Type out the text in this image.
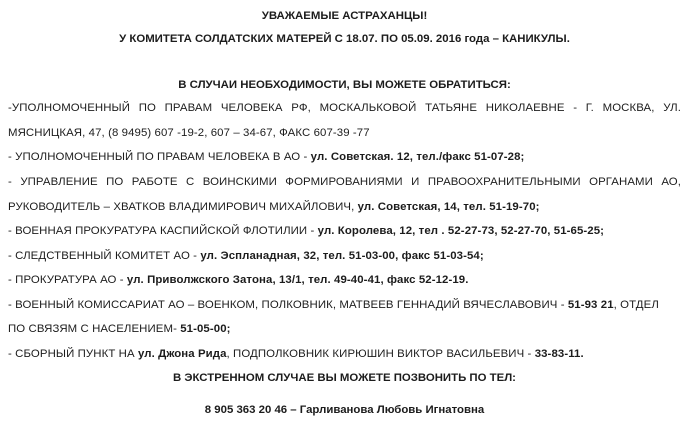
УВАЖАЕМЫЕ АСТРАХАНЦЫ!
У КОМИТЕТА СОЛДАТСКИХ МАТЕРЕЙ С 18.07. ПО 05.09. 2016 года – КАНИКУЛЫ.
В СЛУЧАИ НЕОБХОДИМОСТИ, ВЫ МОЖЕТЕ ОБРАТИТЬСЯ:
-УПОЛНОМОЧЕННЫЙ ПО ПРАВАМ ЧЕЛОВЕКА РФ, МОСКАЛЬКОВОЙ ТАТЬЯНЕ НИКОЛАЕВНЕ - Г. МОСКВА, УЛ.
МЯСНИЦКАЯ, 47, (8 9495) 607 -19-2, 607 – 34-67, ФАКС 607-39 -77
- УПОЛНОМОЧЕННЫЙ ПО ПРАВАМ ЧЕЛОВЕКА В АО - ул. Советская. 12, тел./факс 51-07-28;
- УПРАВЛЕНИЕ ПО РАБОТЕ С ВОИНСКИМИ ФОРМИРОВАНИЯМИ И ПРАВООХРАНИТЕЛЬНЫМИ ОРГАНАМИ АО,
РУКОВОДИТЕЛЬ – ХВАТКОВ ВЛАДИМИРОВИЧ МИХАЙЛОВИЧ, ул. Советская, 14, тел. 51-19-70;
- ВОЕННАЯ ПРОКУРАТУРА КАСПИЙСКОЙ ФЛОТИЛИИ - ул. Королева, 12, тел . 52-27-73, 52-27-70, 51-65-25;
- СЛЕДСТВЕННЫЙ КОМИТЕТ АО - ул. Эспланадная, 32, тел. 51-03-00, факс 51-03-54;
- ПРОКУРАТУРА АО - ул. Приволжского Затона, 13/1, тел. 49-40-41, факс 52-12-19.
- ВОЕННЫЙ КОМИССАРИАТ АО – ВОЕНКОМ, ПОЛКОВНИК, МАТВЕЕВ ГЕННАДИЙ ВЯЧЕСЛАВОВИЧ - 51-93 21, ОТДЕЛ
ПО СВЯЗЯМ С НАСЕЛЕНИЕМ- 51-05-00;
- СБОРНЫЙ ПУНКТ НА ул. Джона Рида, ПОДПОЛКОВНИК КИРЮШИН ВИКТОР ВАСИЛЬЕВИЧ - 33-83-11.
В ЭКСТРЕННОМ СЛУЧАЕ ВЫ МОЖЕТЕ ПОЗВОНИТЬ ПО ТЕЛ:
8 905 363 20 46 – Гарливанова Любовь Игнатовна
